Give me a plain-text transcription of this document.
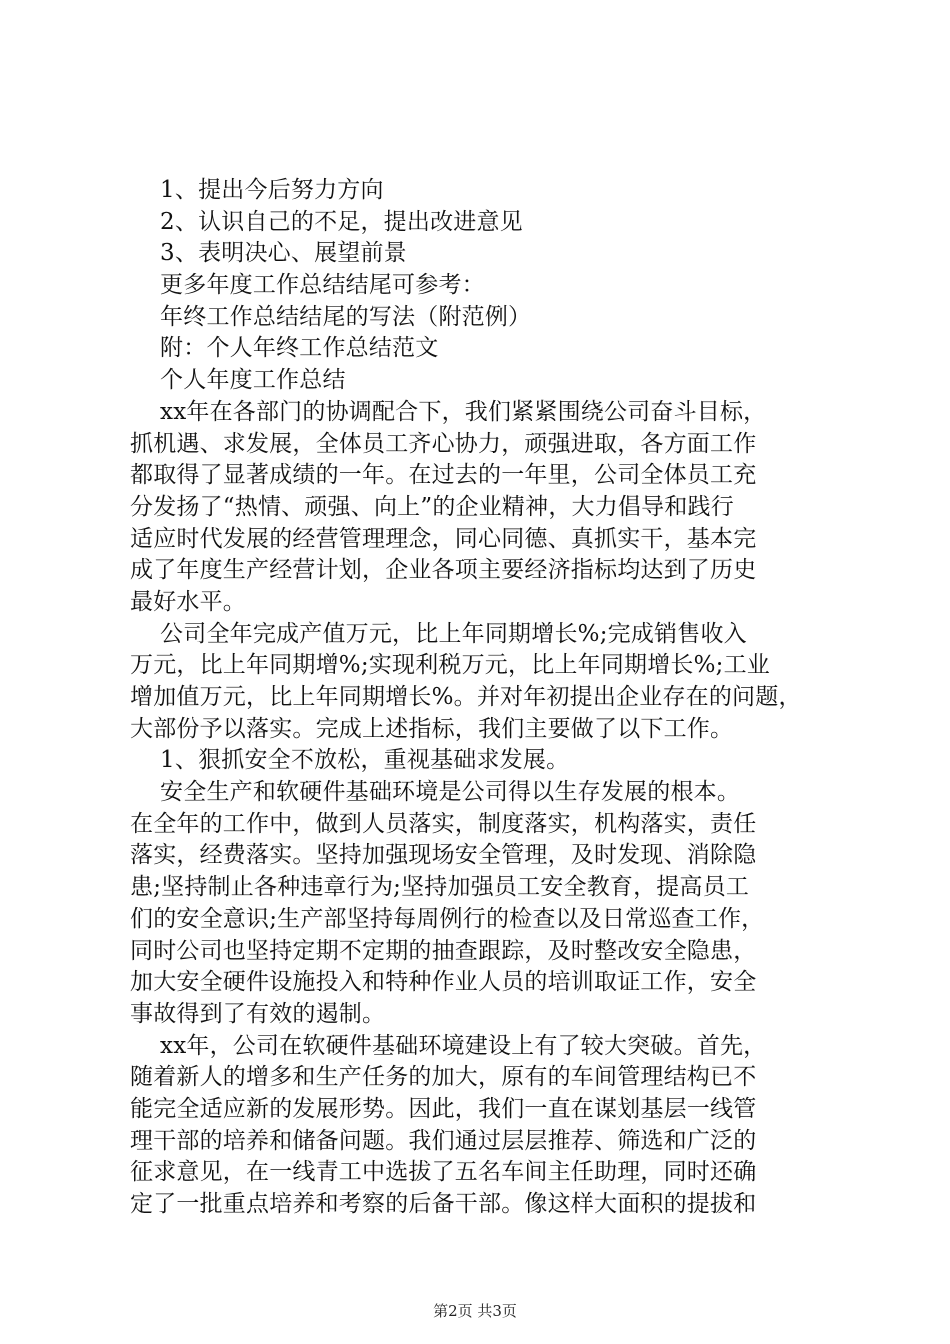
1、提出今后努力方向

2、认识自己的不足，提出改进意见

3、表明决心、展望前景

更多年度工作总结结尾可参考：

年终工作总结结尾的写法（附范例）

附：个人年终工作总结范文

个人年度工作总结

xx年在各部门的协调配合下，我们紧紧围绕公司奋斗目标，

抓机遇、求发展，全体员工齐心协力，顽强进取，各方面工作

都取得了显著成绩的一年。在过去的一年里，公司全体员工充

分发扬了“热情、顽强、向上”的企业精神，大力倡导和践行

适应时代发展的经营管理理念，同心同德、真抓实干，基本完

成了年度生产经营计划，企业各项主要经济指标均达到了历史

最好水平。

公司全年完成产值万元，比上年同期增长%;完成销售收入

万元，比上年同期增%;实现利税万元，比上年同期增长%;工业

增加值万元，比上年同期增长%。并对年初提出企业存在的问题，

大部份予以落实。完成上述指标，我们主要做了以下工作。

1、狠抓安全不放松，重视基础求发展。

安全生产和软硬件基础环境是公司得以生存发展的根本。

在全年的工作中，做到人员落实，制度落实，机构落实，责任

落实，经费落实。坚持加强现场安全管理，及时发现、消除隐

患;坚持制止各种违章行为;坚持加强员工安全教育，提高员工

们的安全意识;生产部坚持每周例行的检查以及日常巡查工作，

同时公司也坚持定期不定期的抽查跟踪，及时整改安全隐患，

加大安全硬件设施投入和特种作业人员的培训取证工作，安全

事故得到了有效的遏制。

xx年，公司在软硬件基础环境建设上有了较大突破。首先，

随着新人的增多和生产任务的加大，原有的车间管理结构已不

能完全适应新的发展形势。因此，我们一直在谋划基层一线管

理干部的培养和储备问题。我们通过层层推荐、筛选和广泛的

征求意见，在一线青工中选拔了五名车间主任助理，同时还确

定了一批重点培养和考察的后备干部。像这样大面积的提拔和

第2页 共3页
